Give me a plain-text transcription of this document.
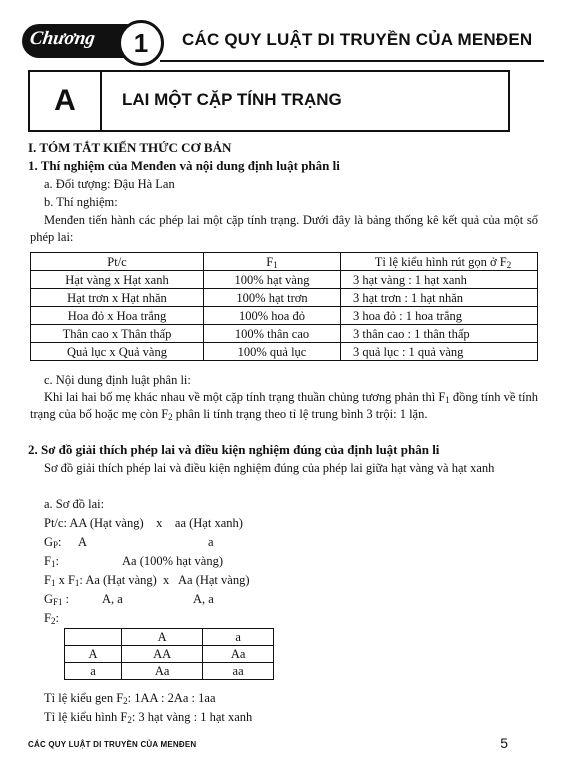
Chương	1	CÁC QUY LUẬT DI TRUYỀN CỦA MENĐEN
A	LAI MỘT CẶP TÍNH TRẠNG
I. TÓM TẮT KIẾN THỨC CƠ BẢN
1. Thí nghiệm của Menđen và nội dung định luật phân li
a. Đối tượng: Đậu Hà Lan
b. Thí nghiệm:
Menđen tiến hành các phép lai một cặp tính trạng. Dưới đây là bảng thống kê kết quả của một số phép lai:
Pt/c	$F_1$	Tỉ lệ kiểu hình rút gọn ở $F_2$
Hạt vàng x Hạt xanh	100% hạt vàng	3 hạt vàng : 1 hạt xanh
Hạt trơn x Hạt nhăn	100% hạt trơn	3 hạt trơn : 1 hạt nhăn
Hoa đỏ x Hoa trắng	100% hoa đỏ	3 hoa đỏ : 1 hoa trắng
Thân cao x Thân thấp	100% thân cao	3 thân cao : 1 thân thấp
Quả lục x Quả vàng	100% quả lục	3 quả lục : 1 quả vàng
c. Nội dung định luật phân li:
Khi lai hai bố mẹ khác nhau về một cặp tính trạng thuần chủng tương phản thì $F_1$ đồng tính về tính trạng của bố hoặc mẹ còn $F_2$ phân li tính trạng theo tỉ lệ trung bình 3 trội: 1 lặn.
2. Sơ đồ giải thích phép lai và điều kiện nghiệm đúng của định luật phân li
Sơ đồ giải thích phép lai và điều kiện nghiệm đúng của phép lai giữa hạt vàng và hạt xanh
a. Sơ đồ lai:
Pt/c: AA (Hạt vàng)    x    aa (Hạt xanh)
$G_P$: A	a
$F_1$:	Aa (100% hạt vàng)
$F_1$ x $F_1$: Aa (Hạt vàng)  x   Aa (Hạt vàng)
$G_{F1}$ :	A, a	A, a
$F_2$:
	A	a
A	AA	Aa
a	Aa	aa
Tỉ lệ kiểu gen $F_2$: 1AA : 2Aa : 1aa
Tỉ lệ kiểu hình $F_2$: 3 hạt vàng : 1 hạt xanh
CÁC QUY LUẬT DI TRUYỀN CỦA MENĐEN	5
